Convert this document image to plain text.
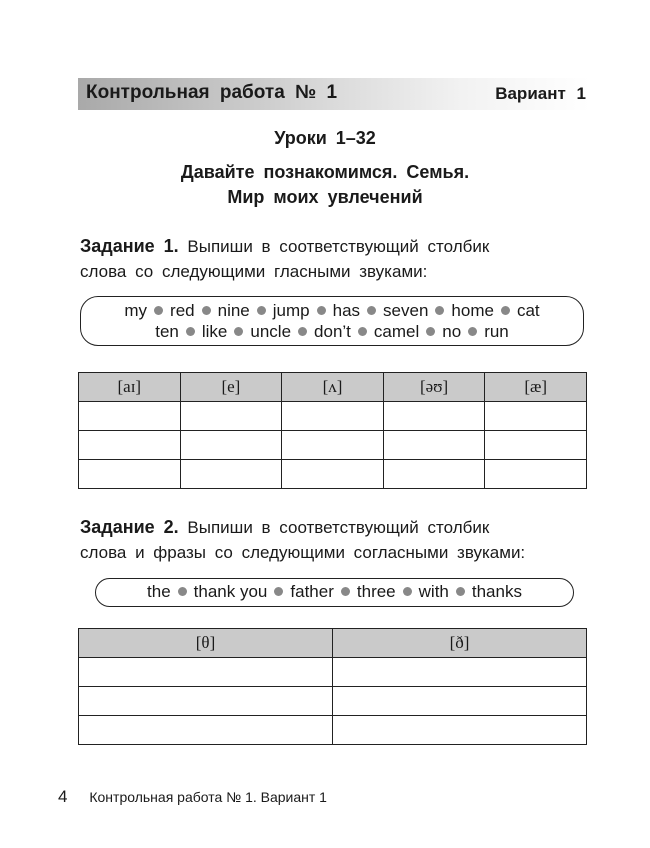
Контрольная работа № 1	Вариант 1
Уроки 1–32
Давайте познакомимся. Семья.
Мир моих увлечений
Задание 1. Выпиши в соответствующий столбик
слова со следующими гласными звуками:
my red nine jump has seven home cat
ten like uncle don’t camel no run
[aɪ]	[e]	[ʌ]	[əʊ]	[æ]

Задание 2. Выпиши в соответствующий столбик
слова и фразы со следующими согласными звуками:
the thank you father three with thanks
[θ]	[ð]

4 Контрольная работа № 1. Вариант 1
